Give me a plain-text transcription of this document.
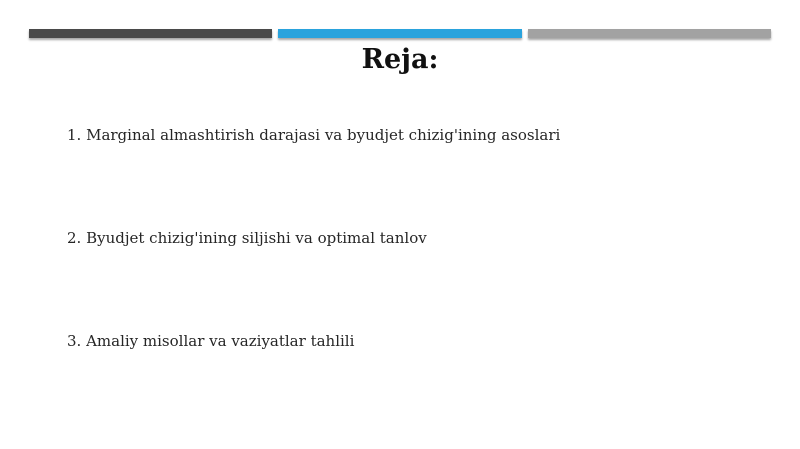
Reja:
1. Marginal almashtirish darajasi va byudjet chizig'ining asoslari
2. Byudjet chizig'ining siljishi va optimal tanlov
3. Amaliy misollar va vaziyatlar tahlili
